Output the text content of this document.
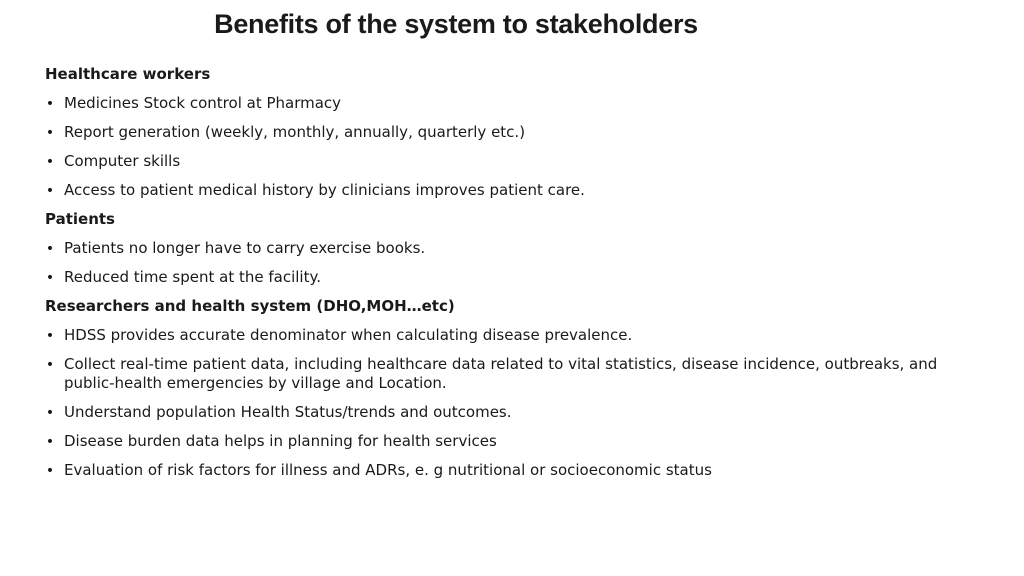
Benefits of the system to stakeholders
Healthcare workers
• Medicines Stock control at Pharmacy
• Report generation (weekly, monthly, annually, quarterly etc.)
• Computer skills
• Access to patient medical history by clinicians improves patient care.
Patients
• Patients no longer have to carry exercise books.
• Reduced time spent at the facility.
Researchers and health system (DHO,MOH…etc)
• HDSS provides accurate denominator when calculating disease prevalence.
• Collect real-time patient data, including healthcare data related to vital statistics, disease incidence, outbreaks, and public-health emergencies by village and Location.
• Understand population Health Status/trends and outcomes.
• Disease burden data helps in planning for health services
• Evaluation of risk factors for illness and ADRs, e. g nutritional or socioeconomic status
